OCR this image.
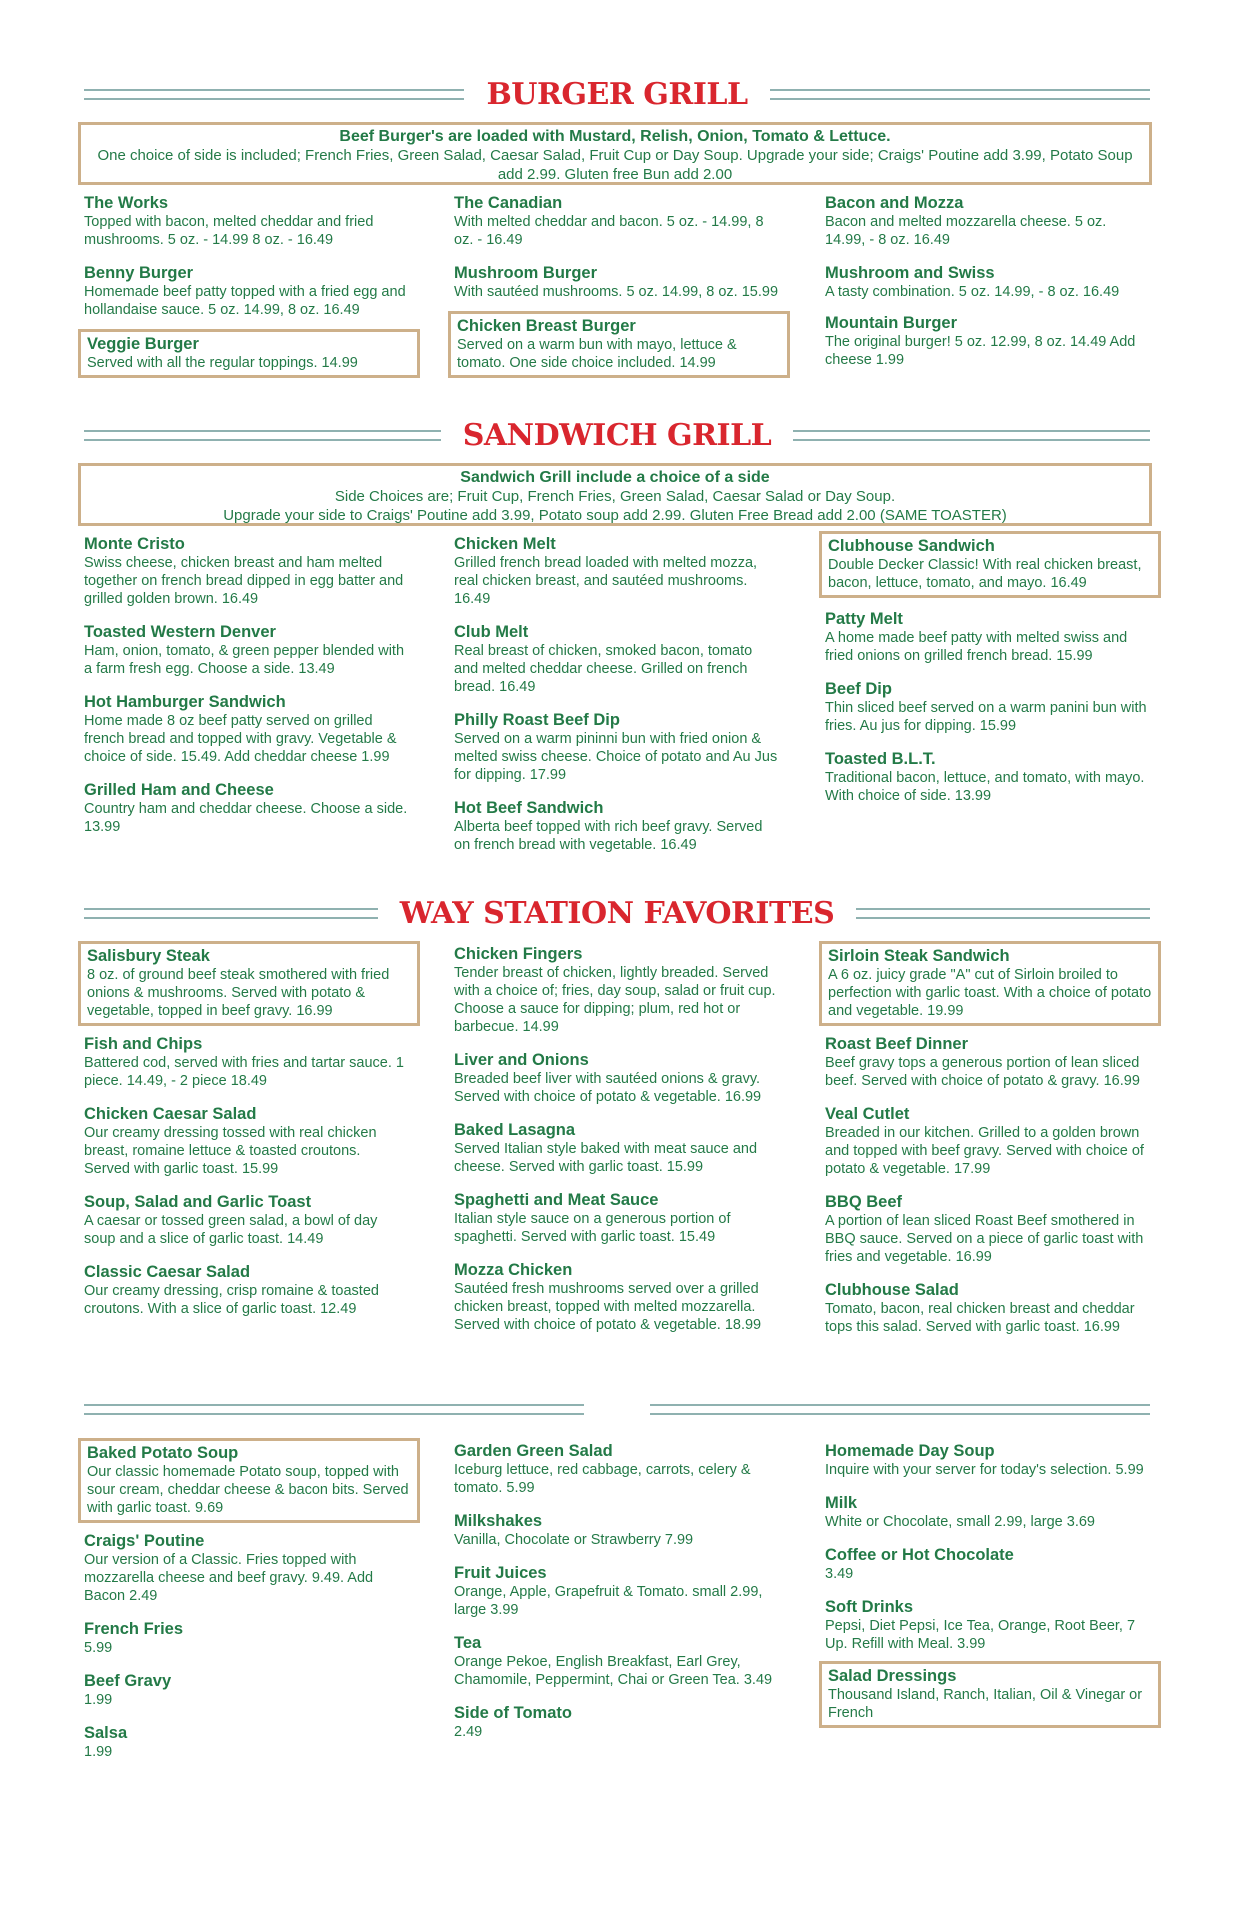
BURGER GRILL
Beef Burger's are loaded with Mustard, Relish, Onion, Tomato & Lettuce.
One choice of side is included; French Fries, Green Salad, Caesar Salad, Fruit Cup or Day Soup. Upgrade your side; Craigs' Poutine add 3.99, Potato Soup add 2.99. Gluten free Bun add 2.00
The Works
Topped with bacon, melted cheddar and fried mushrooms. 5 oz. - 14.99 8 oz. - 16.49
Benny Burger
Homemade beef patty topped with a fried egg and hollandaise sauce. 5 oz. 14.99, 8 oz. 16.49
Veggie Burger
Served with all the regular toppings. 14.99
The Canadian
With melted cheddar and bacon. 5 oz. - 14.99, 8 oz. - 16.49
Mushroom Burger
With sautéed mushrooms. 5 oz. 14.99, 8 oz. 15.99
Chicken Breast Burger
Served on a warm bun with mayo, lettuce & tomato. One side choice included. 14.99
Bacon and Mozza
Bacon and melted mozzarella cheese. 5 oz. 14.99, - 8 oz. 16.49
Mushroom and Swiss
A tasty combination. 5 oz. 14.99, - 8 oz. 16.49
Mountain Burger
The original burger! 5 oz. 12.99, 8 oz. 14.49 Add cheese 1.99
SANDWICH GRILL
Sandwich Grill include a choice of a side
Side Choices are; Fruit Cup, French Fries, Green Salad, Caesar Salad or Day Soup.
Upgrade your side to Craigs' Poutine add 3.99, Potato soup add 2.99. Gluten Free Bread add 2.00 (SAME TOASTER)
Monte Cristo
Swiss cheese, chicken breast and ham melted together on french bread dipped in egg batter and grilled golden brown. 16.49
Toasted Western Denver
Ham, onion, tomato, & green pepper blended with a farm fresh egg. Choose a side. 13.49
Hot Hamburger Sandwich
Home made 8 oz beef patty served on grilled french bread and topped with gravy. Vegetable & choice of side. 15.49. Add cheddar cheese 1.99
Grilled Ham and Cheese
Country ham and cheddar cheese. Choose a side. 13.99
Chicken Melt
Grilled french bread loaded with melted mozza, real chicken breast, and sautéed mushrooms. 16.49
Club Melt
Real breast of chicken, smoked bacon, tomato and melted cheddar cheese. Grilled on french bread. 16.49
Philly Roast Beef Dip
Served on a warm pininni bun with fried onion & melted swiss cheese. Choice of potato and Au Jus for dipping. 17.99
Hot Beef Sandwich
Alberta beef topped with rich beef gravy. Served on french bread with vegetable. 16.49
Clubhouse Sandwich
Double Decker Classic! With real chicken breast, bacon, lettuce, tomato, and mayo. 16.49
Patty Melt
A home made beef patty with melted swiss and fried onions on grilled french bread. 15.99
Beef Dip
Thin sliced beef served on a warm panini bun with fries. Au jus for dipping. 15.99
Toasted B.L.T.
Traditional bacon, lettuce, and tomato, with mayo. With choice of side. 13.99
WAY STATION FAVORITES
Salisbury Steak
8 oz. of ground beef steak smothered with fried onions & mushrooms. Served with potato & vegetable, topped in beef gravy. 16.99
Fish and Chips
Battered cod, served with fries and tartar sauce. 1 piece. 14.49, - 2 piece 18.49
Chicken Caesar Salad
Our creamy dressing tossed with real chicken breast, romaine lettuce & toasted croutons. Served with garlic toast. 15.99
Soup, Salad and Garlic Toast
A caesar or tossed green salad, a bowl of day soup and a slice of garlic toast. 14.49
Classic Caesar Salad
Our creamy dressing, crisp romaine & toasted croutons. With a slice of garlic toast. 12.49
Chicken Fingers
Tender breast of chicken, lightly breaded. Served with a choice of; fries, day soup, salad or fruit cup. Choose a sauce for dipping; plum, red hot or barbecue. 14.99
Liver and Onions
Breaded beef liver with sautéed onions & gravy. Served with choice of potato & vegetable. 16.99
Baked Lasagna
Served Italian style baked with meat sauce and cheese. Served with garlic toast. 15.99
Spaghetti and Meat Sauce
Italian style sauce on a generous portion of spaghetti. Served with garlic toast. 15.49
Mozza Chicken
Sautéed fresh mushrooms served over a grilled chicken breast, topped with melted mozzarella. Served with choice of potato & vegetable. 18.99
Sirloin Steak Sandwich
A 6 oz. juicy grade "A" cut of Sirloin broiled to perfection with garlic toast. With a choice of potato and vegetable. 19.99
Roast Beef Dinner
Beef gravy tops a generous portion of lean sliced beef. Served with choice of potato & gravy. 16.99
Veal Cutlet
Breaded in our kitchen. Grilled to a golden brown and topped with beef gravy. Served with choice of potato & vegetable. 17.99
BBQ Beef
A portion of lean sliced Roast Beef smothered in BBQ sauce. Served on a piece of garlic toast with fries and vegetable. 16.99
Clubhouse Salad
Tomato, bacon, real chicken breast and cheddar tops this salad. Served with garlic toast. 16.99
Baked Potato Soup
Our classic homemade Potato soup, topped with sour cream, cheddar cheese & bacon bits. Served with garlic toast. 9.69
Craigs' Poutine
Our version of a Classic. Fries topped with mozzarella cheese and beef gravy. 9.49. Add Bacon 2.49
French Fries
5.99
Beef Gravy
1.99
Salsa
1.99
Garden Green Salad
Iceburg lettuce, red cabbage, carrots, celery & tomato. 5.99
Milkshakes
Vanilla, Chocolate or Strawberry 7.99
Fruit Juices
Orange, Apple, Grapefruit & Tomato. small 2.99, large 3.99
Tea
Orange Pekoe, English Breakfast, Earl Grey, Chamomile, Peppermint, Chai or Green Tea. 3.49
Side of Tomato
2.49
Homemade Day Soup
Inquire with your server for today's selection. 5.99
Milk
White or Chocolate, small 2.99, large 3.69
Coffee or Hot Chocolate
3.49
Soft Drinks
Pepsi, Diet Pepsi, Ice Tea, Orange, Root Beer, 7 Up. Refill with Meal. 3.99
Salad Dressings
Thousand Island, Ranch, Italian, Oil & Vinegar or French
